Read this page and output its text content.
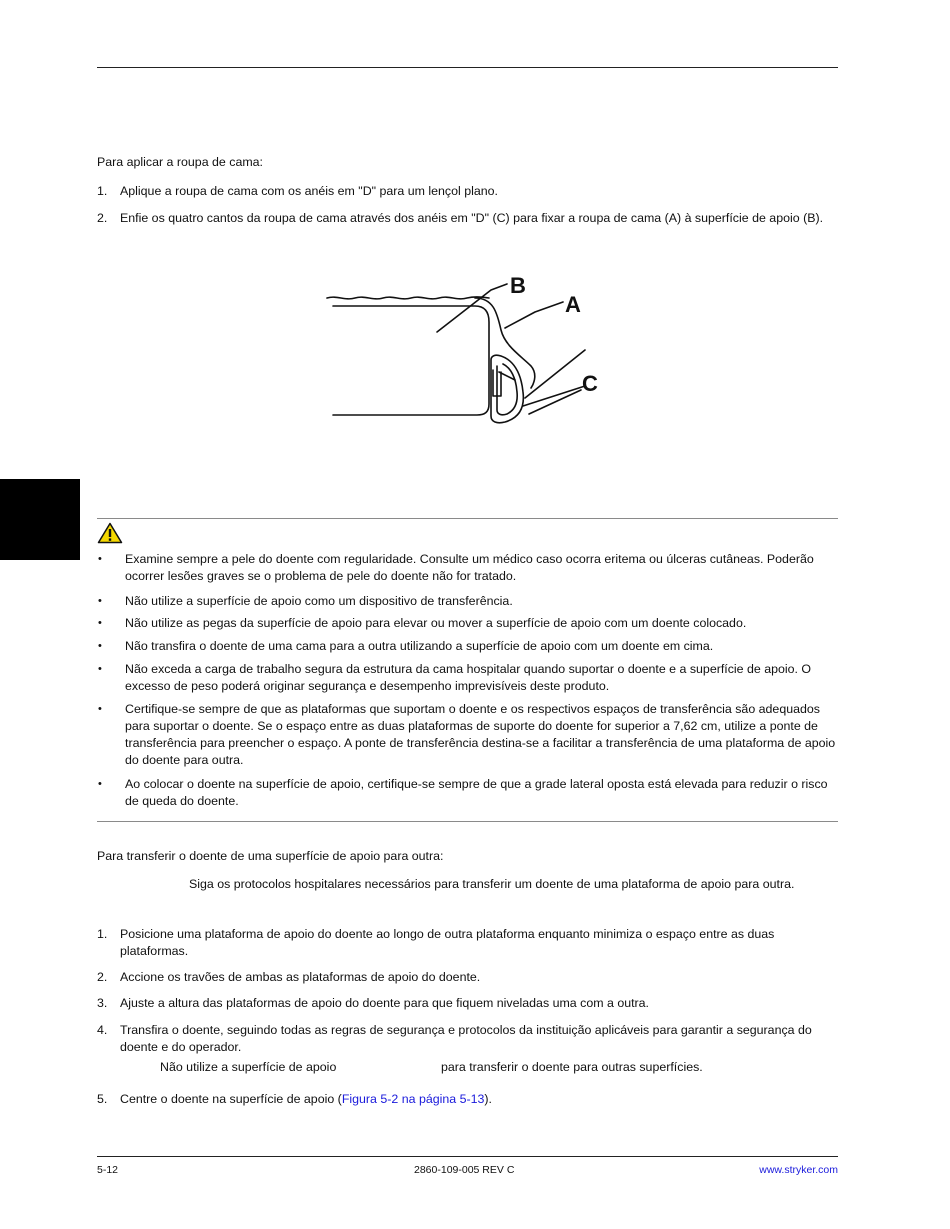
Para aplicar a roupa de cama:
1.	Aplique a roupa de cama com os anéis em "D" para um lençol plano.
2.	Enfie os quatro cantos da roupa de cama através dos anéis em "D" (C) para fixar a roupa de cama (A) à superfície de apoio (B).
B
A
C
•	Examine sempre a pele do doente com regularidade. Consulte um médico caso ocorra eritema ou úlceras cutâneas. Poderão ocorrer lesões graves se o problema de pele do doente não for tratado.
•	Não utilize a superfície de apoio como um dispositivo de transferência.
•	Não utilize as pegas da superfície de apoio para elevar ou mover a superfície de apoio com um doente colocado.
•	Não transfira o doente de uma cama para a outra utilizando a superfície de apoio com um doente em cima.
•	Não exceda a carga de trabalho segura da estrutura da cama hospitalar quando suportar o doente e a superfície de apoio. O excesso de peso poderá originar segurança e desempenho imprevisíveis deste produto.
•	Certifique-se sempre de que as plataformas que suportam o doente e os respectivos espaços de transferência são adequados para suportar o doente. Se o espaço entre as duas plataformas de suporte do doente for superior a 7,62 cm, utilize a ponte de transferência para preencher o espaço. A ponte de transferência destina-se a facilitar a transferência de uma plataforma de apoio do doente para outra.
•	Ao colocar o doente na superfície de apoio, certifique-se sempre de que a grade lateral oposta está elevada para reduzir o risco de queda do doente.
Para transferir o doente de uma superfície de apoio para outra:
Siga os protocolos hospitalares necessários para transferir um doente de uma plataforma de apoio para outra.
1.	Posicione uma plataforma de apoio do doente ao longo de outra plataforma enquanto minimiza o espaço entre as duas plataformas.
2.	Accione os travões de ambas as plataformas de apoio do doente.
3.	Ajuste a altura das plataformas de apoio do doente para que fiquem niveladas uma com a outra.
4.	Transfira o doente, seguindo todas as regras de segurança e protocolos da instituição aplicáveis para garantir a segurança do doente e do operador.
Não utilize a superfície de apoio	para transferir o doente para outras superfícies.
5.	Centre o doente na superfície de apoio (Figura 5-2 na página 5-13).
5-12	2860-109-005 REV C	www.stryker.com
